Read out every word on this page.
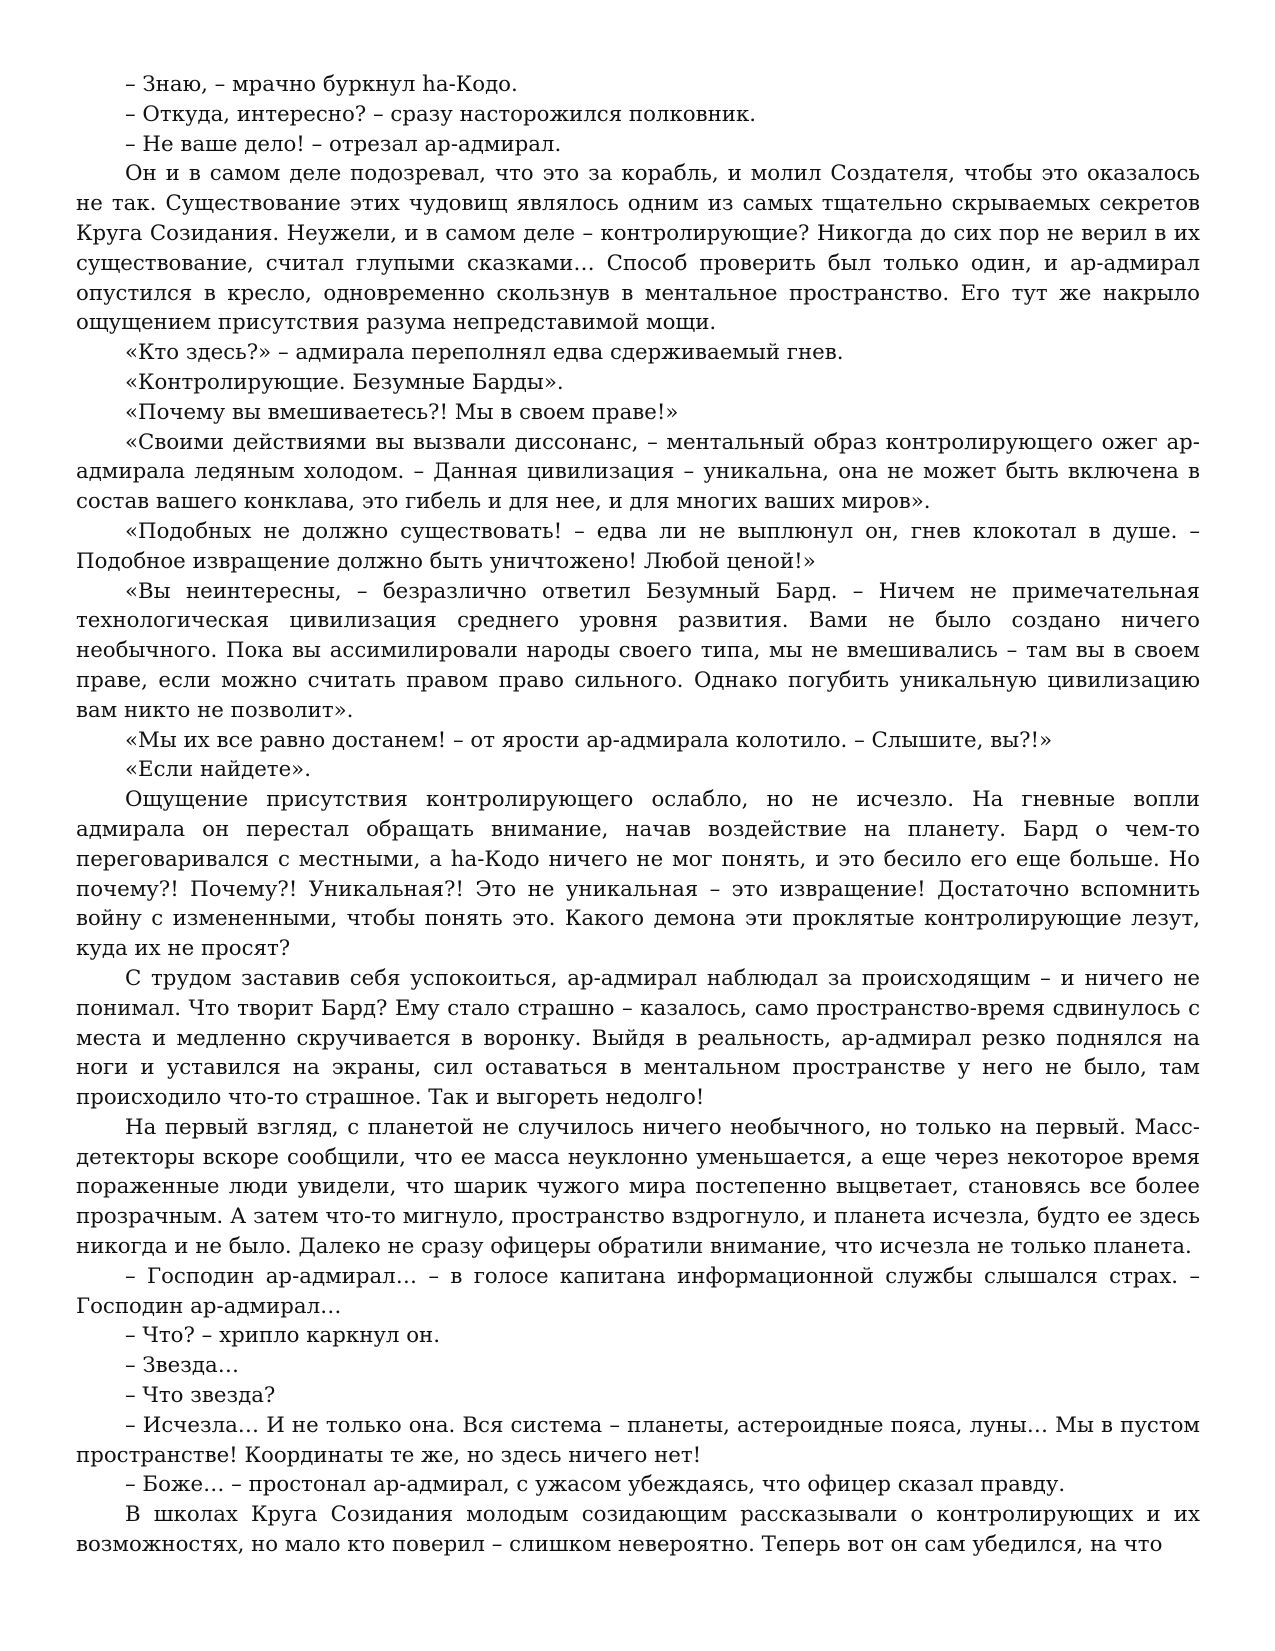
– Знаю, – мрачно буркнул ha-Кодо.

– Откуда, интересно? – сразу насторожился полковник.

– Не ваше дело! – отрезал ар-адмирал.

Он и в самом деле подозревал, что это за корабль, и молил Создателя, чтобы это оказалось не так. Существование этих чудовищ являлось одним из самых тщательно скрываемых секретов Круга Созидания. Неужели, и в самом деле – контролирующие? Никогда до сих пор не верил в их существование, считал глупыми сказками… Способ проверить был только один, и ар-адмирал опустился в кресло, одновременно скользнув в ментальное пространство. Его тут же накрыло ощущением присутствия разума непредставимой мощи.

«Кто здесь?» – адмирала переполнял едва сдерживаемый гнев.

«Контролирующие. Безумные Барды».

«Почему вы вмешиваетесь?! Мы в своем праве!»

«Своими действиями вы вызвали диссонанс, – ментальный образ контролирующего ожег ар-адмирала ледяным холодом. – Данная цивилизация – уникальна, она не может быть включена в состав вашего конклава, это гибель и для нее, и для многих ваших миров».

«Подобных не должно существовать! – едва ли не выплюнул он, гнев клокотал в душе. – Подобное извращение должно быть уничтожено! Любой ценой!»

«Вы неинтересны, – безразлично ответил Безумный Бард. – Ничем не примечательная технологическая цивилизация среднего уровня развития. Вами не было создано ничего необычного. Пока вы ассимилировали народы своего типа, мы не вмешивались – там вы в своем праве, если можно считать правом право сильного. Однако погубить уникальную цивилизацию вам никто не позволит».

«Мы их все равно достанем! – от ярости ар-адмирала колотило. – Слышите, вы?!»

«Если найдете».

Ощущение присутствия контролирующего ослабло, но не исчезло. На гневные вопли адмирала он перестал обращать внимание, начав воздействие на планету. Бард о чем-то переговаривался с местными, а ha-Кодо ничего не мог понять, и это бесило его еще больше. Но почему?! Почему?! Уникальная?! Это не уникальная – это извращение! Достаточно вспомнить войну с измененными, чтобы понять это. Какого демона эти проклятые контролирующие лезут, куда их не просят?

С трудом заставив себя успокоиться, ар-адмирал наблюдал за происходящим – и ничего не понимал. Что творит Бард? Ему стало страшно – казалось, само пространство-время сдвинулось с места и медленно скручивается в воронку. Выйдя в реальность, ар-адмирал резко поднялся на ноги и уставился на экраны, сил оставаться в ментальном пространстве у него не было, там происходило что-то страшное. Так и выгореть недолго!

На первый взгляд, с планетой не случилось ничего необычного, но только на первый. Масс-детекторы вскоре сообщили, что ее масса неуклонно уменьшается, а еще через некоторое время пораженные люди увидели, что шарик чужого мира постепенно выцветает, становясь все более прозрачным. А затем что-то мигнуло, пространство вздрогнуло, и планета исчезла, будто ее здесь никогда и не было. Далеко не сразу офицеры обратили внимание, что исчезла не только планета.

– Господин ар-адмирал… – в голосе капитана информационной службы слышался страх. – Господин ар-адмирал…

– Что? – хрипло каркнул он.

– Звезда…

– Что звезда?

– Исчезла… И не только она. Вся система – планеты, астероидные пояса, луны… Мы в пустом пространстве! Координаты те же, но здесь ничего нет!

– Боже… – простонал ар-адмирал, с ужасом убеждаясь, что офицер сказал правду.

В школах Круга Созидания молодым созидающим рассказывали о контролирующих и их возможностях, но мало кто поверил – слишком невероятно. Теперь вот он сам убедился, на что
